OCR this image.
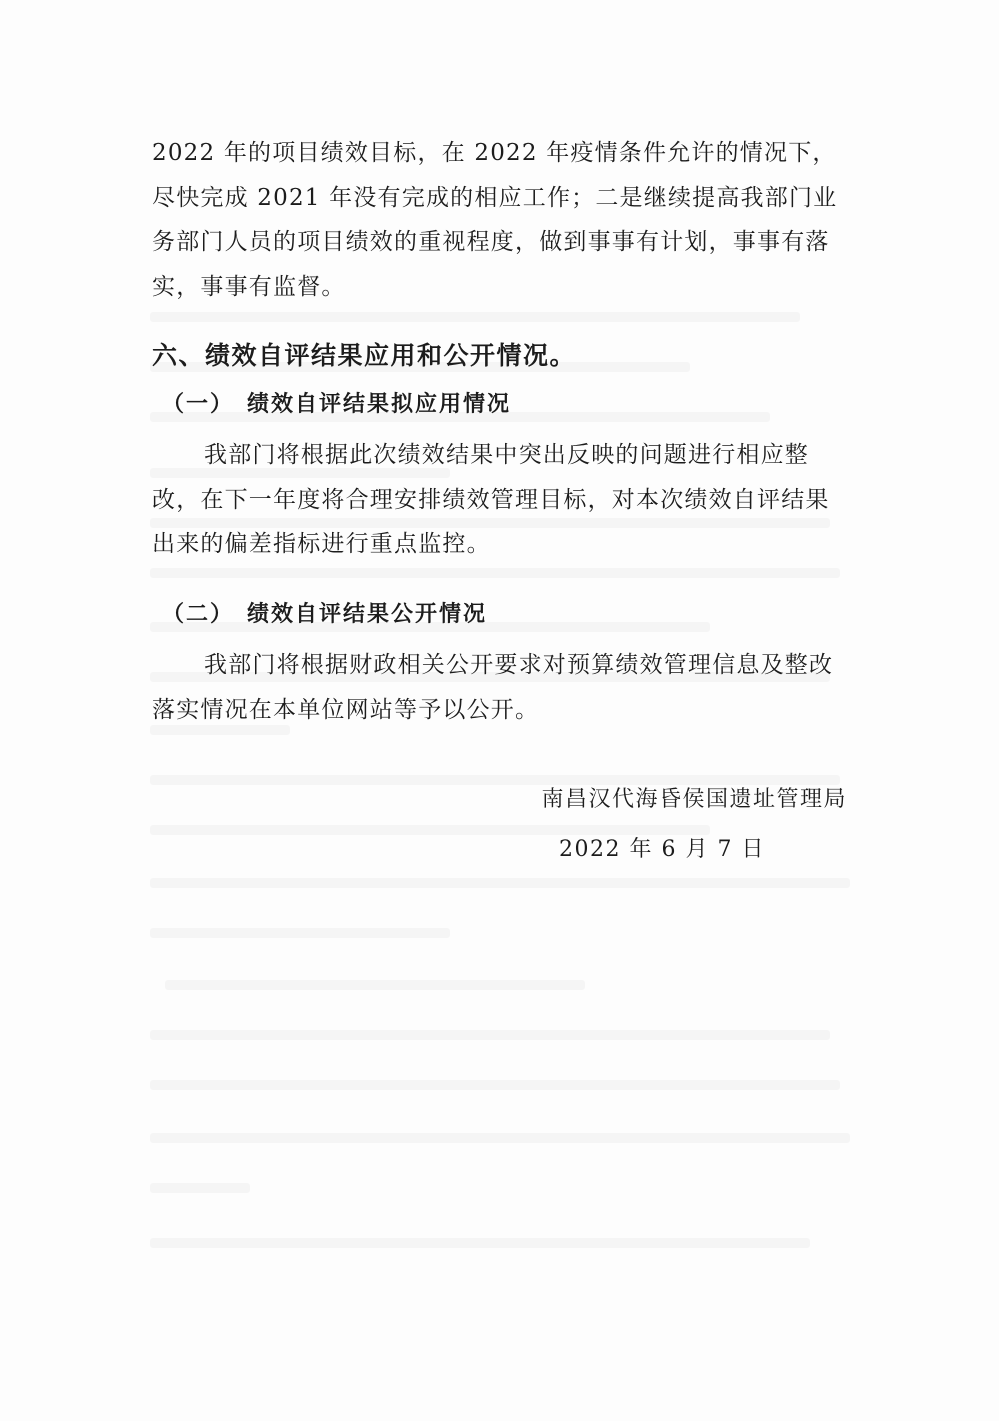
2022 年的项目绩效目标，在 2022 年疫情条件允许的情况下，尽快完成 2021 年没有完成的相应工作；二是继续提高我部门业务部门人员的项目绩效的重视程度，做到事事有计划，事事有落实，事事有监督。

六、绩效自评结果应用和公开情况。
（一）　绩效自评结果拟应用情况

我部门将根据此次绩效结果中突出反映的问题进行相应整改，在下一年度将合理安排绩效管理目标，对本次绩效自评结果出来的偏差指标进行重点监控。

（二）　绩效自评结果公开情况

我部门将根据财政相关公开要求对预算绩效管理信息及整改落实情况在本单位网站等予以公开。

南昌汉代海昏侯国遗址管理局

2022 年 6 月 7 日
